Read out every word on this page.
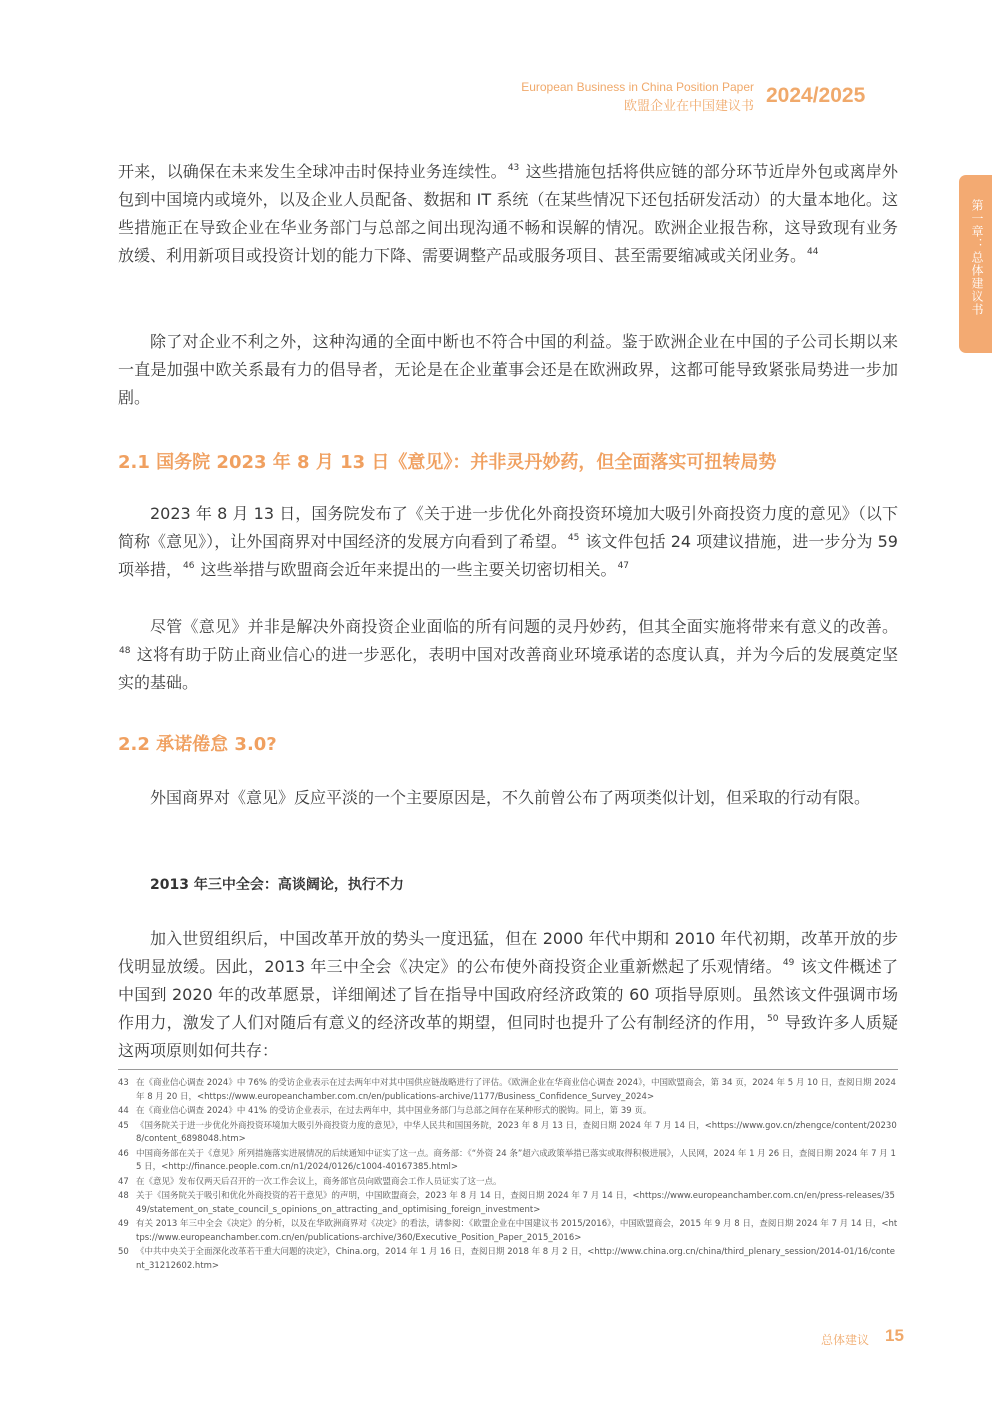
European Business in China Position Paper
欧盟企业在中国建议书 2024/2025
第一章：总体建议书

开来，以确保在未来发生全球冲击时保持业务连续性。$^{43}$ 这些措施包括将供应链的部分环节近岸外包或离岸外包到中国境内或境外，以及企业人员配备、数据和 IT 系统（在某些情况下还包括研发活动）的大量本地化。这些措施正在导致企业在华业务部门与总部之间出现沟通不畅和误解的情况。欧洲企业报告称，这导致现有业务放缓、利用新项目或投资计划的能力下降、需要调整产品或服务项目、甚至需要缩减或关闭业务。$^{44}$

除了对企业不利之外，这种沟通的全面中断也不符合中国的利益。鉴于欧洲企业在中国的子公司长期以来一直是加强中欧关系最有力的倡导者，无论是在企业董事会还是在欧洲政界，这都可能导致紧张局势进一步加剧。

2.1 国务院 2023 年 8 月 13 日《意见》：并非灵丹妙药，但全面落实可扭转局势

2023 年 8 月 13 日，国务院发布了《关于进一步优化外商投资环境加大吸引外商投资力度的意见》（以下简称《意见》），让外国商界对中国经济的发展方向看到了希望。$^{45}$ 该文件包括 24 项建议措施，进一步分为 59项举措，$^{46}$ 这些举措与欧盟商会近年来提出的一些主要关切密切相关。$^{47}$

尽管《意见》并非是解决外商投资企业面临的所有问题的灵丹妙药，但其全面实施将带来有意义的改善。$^{48}$ 这将有助于防止商业信心的进一步恶化，表明中国对改善商业环境承诺的态度认真，并为今后的发展奠定坚实的基础。

2.2 承诺倦怠 3.0?

外国商界对《意见》反应平淡的一个主要原因是，不久前曾公布了两项类似计划，但采取的行动有限。

2013 年三中全会：高谈阔论，执行不力

加入世贸组织后，中国改革开放的势头一度迅猛，但在 2000 年代中期和 2010 年代初期，改革开放的步伐明显放缓。因此，2013 年三中全会《决定》的公布使外商投资企业重新燃起了乐观情绪。$^{49}$ 该文件概述了中国到 2020 年的改革愿景，详细阐述了旨在指导中国政府经济政策的 60 项指导原则。虽然该文件强调市场作用力，激发了人们对随后有意义的经济改革的期望，但同时也提升了公有制经济的作用，$^{50}$ 导致许多人质疑这两项原则如何共存：

43 在《商业信心调查 2024》中 76% 的受访企业表示在过去两年中对其中国供应链战略进行了评估。《欧洲企业在华商业信心调查 2024》，中国欧盟商会，第 34 页，2024 年 5 月 10 日，查阅日期 2024 年 8 月 20 日，<https://www.europeanchamber.com.cn/en/publications-archive/1177/Business_Confidence_Survey_2024>
44 在《商业信心调查 2024》中 41% 的受访企业表示，在过去两年中，其中国业务部门与总部之间存在某种形式的脱钩。同上，第 39 页。
45 《国务院关于进一步优化外商投资环境加大吸引外商投资力度的意见》，中华人民共和国国务院，2023 年 8 月 13 日，查阅日期 2024 年 7 月 14 日，<https://www.gov.cn/zhengce/content/202308/content_6898048.htm>
46 中国商务部在关于《意见》所列措施落实进展情况的后续通知中证实了这一点。商务部：《“外资 24 条”超六成政策举措已落实或取得积极进展》，人民网，2024 年 1 月 26 日，查阅日期 2024 年 7 月 15 日，<http://finance.people.com.cn/n1/2024/0126/c1004-40167385.html>
47 在《意见》发布仅两天后召开的一次工作会议上，商务部官员向欧盟商会工作人员证实了这一点。
48 关于《国务院关于吸引和优化外商投资的若干意见》的声明，中国欧盟商会，2023 年 8 月 14 日，查阅日期 2024 年 7 月 14 日，<https://www.europeanchamber.com.cn/en/press-releases/3549/statement_on_state_council_s_opinions_on_attracting_and_optimising_foreign_investment>
49 有关 2013 年三中全会《决定》的分析，以及在华欧洲商界对《决定》的看法，请参阅：《欧盟企业在中国建议书 2015/2016》，中国欧盟商会，2015 年 9 月 8 日，查阅日期 2024 年 7 月 14 日，<https://www.europeanchamber.com.cn/en/publications-archive/360/Executive_Position_Paper_2015_2016>
50 《中共中央关于全面深化改革若干重大问题的决定》，China.org，2014 年 1 月 16 日，查阅日期 2018 年 8 月 2 日，<http://www.china.org.cn/china/third_plenary_session/2014-01/16/content_31212602.htm>
总体建议 15
